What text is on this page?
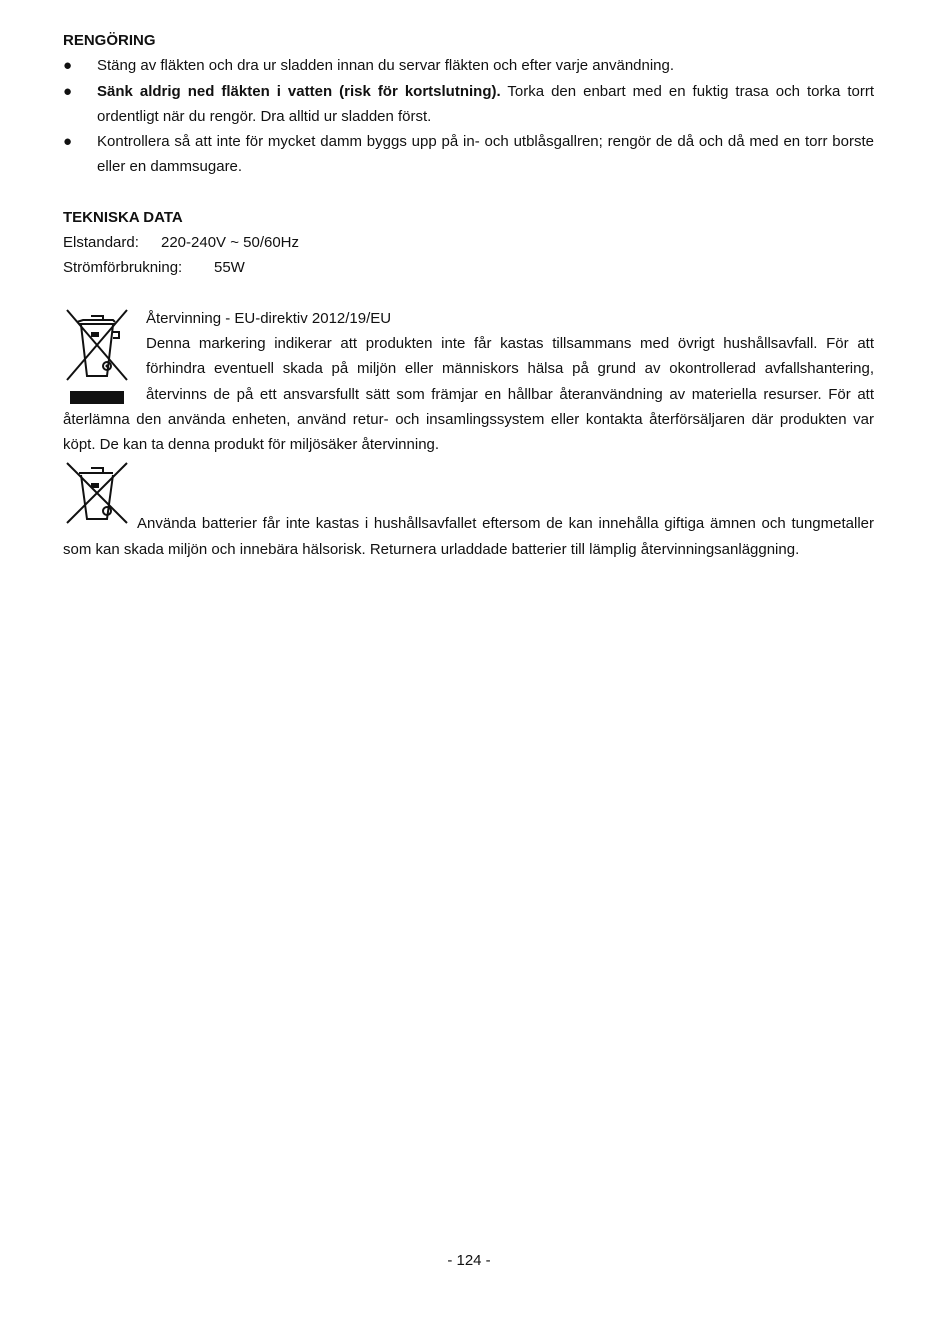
RENGÖRING
● Stäng av fläkten och dra ur sladden innan du servar fläkten och efter varje användning.
● Sänk aldrig ned fläkten i vatten (risk för kortslutning). Torka den enbart med en fuktig trasa och torka torrt ordentligt när du rengör. Dra alltid ur sladden först.
● Kontrollera så att inte för mycket damm byggs upp på in- och utblåsgallren; rengör de då och då med en torr borste eller en dammsugare.
TEKNISKA DATA
Elstandard:	220-240V ~ 50/60Hz
Strömförbrukning:	55W
Återvinning - EU-direktiv 2012/19/EU
Denna markering indikerar att produkten inte får kastas tillsammans med övrigt hushållsavfall. För att förhindra eventuell skada på miljön eller människors hälsa på grund av okontrollerad avfallshantering, återvinns de på ett ansvarsfullt sätt som främjar en hållbar återanvändning av materiella resurser. För att återlämna den använda enheten, använd retur- och insamlingssystem eller kontakta återförsäljaren där produkten var köpt. De kan ta denna produkt för miljösäker återvinning.
Använda batterier får inte kastas i hushållsavfallet eftersom de kan innehålla giftiga ämnen och tungmetaller som kan skada miljön och innebära hälsorisk. Returnera urladdade batterier till lämplig återvinningsanläggning.
- 124 -
